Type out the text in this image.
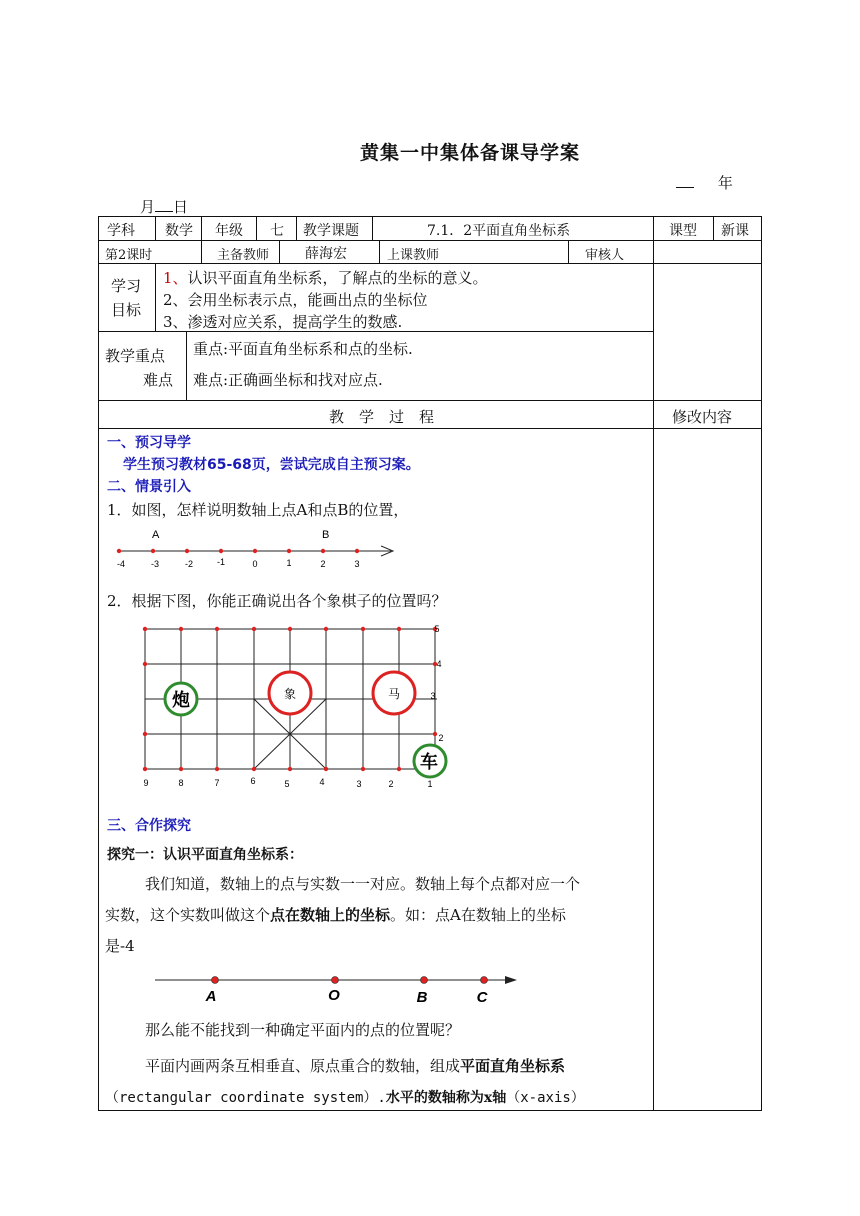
黄集一中集体备课导学案
年
月 日
学科 数学 年级 七 教学课题	7.1．2平面直角坐标系	课型 新课
第2课时	主备教师	薛海宏	上课教师	审核人
学习
目标
1、认识平面直角坐标系，了解点的坐标的意义。
2、会用坐标表示点，能画出点的坐标位
3、渗透对应关系，提高学生的数感.
教学重点
难点
重点:平面直角坐标系和点的坐标.
难点:正确画坐标和找对应点.
教　学　过　程	修改内容
一、预习导学
学生预习教材65-68页，尝试完成自主预习案。
二、情景引入
1．如图，怎样说明数轴上点A和点B的位置，
A	B
-4	-3	-2	-1	0	1	2	3
2．根据下图，你能正确说出各个象棋子的位置吗？
炮	象	马
车
9	8	7	6	5	4	3	2	1
5
4
3
2
三、合作探究
探究一：认识平面直角坐标系：
我们知道，数轴上的点与实数一一对应。数轴上每个点都对应一个
实数，这个实数叫做这个点在数轴上的坐标。如：点A在数轴上的坐标
是-4
A	O	B	C
那么能不能找到一种确定平面内的点的位置呢？
平面内画两条互相垂直、原点重合的数轴，组成平面直角坐标系
（rectangular coordinate system）.水平的数轴称为x轴（x-axis）
